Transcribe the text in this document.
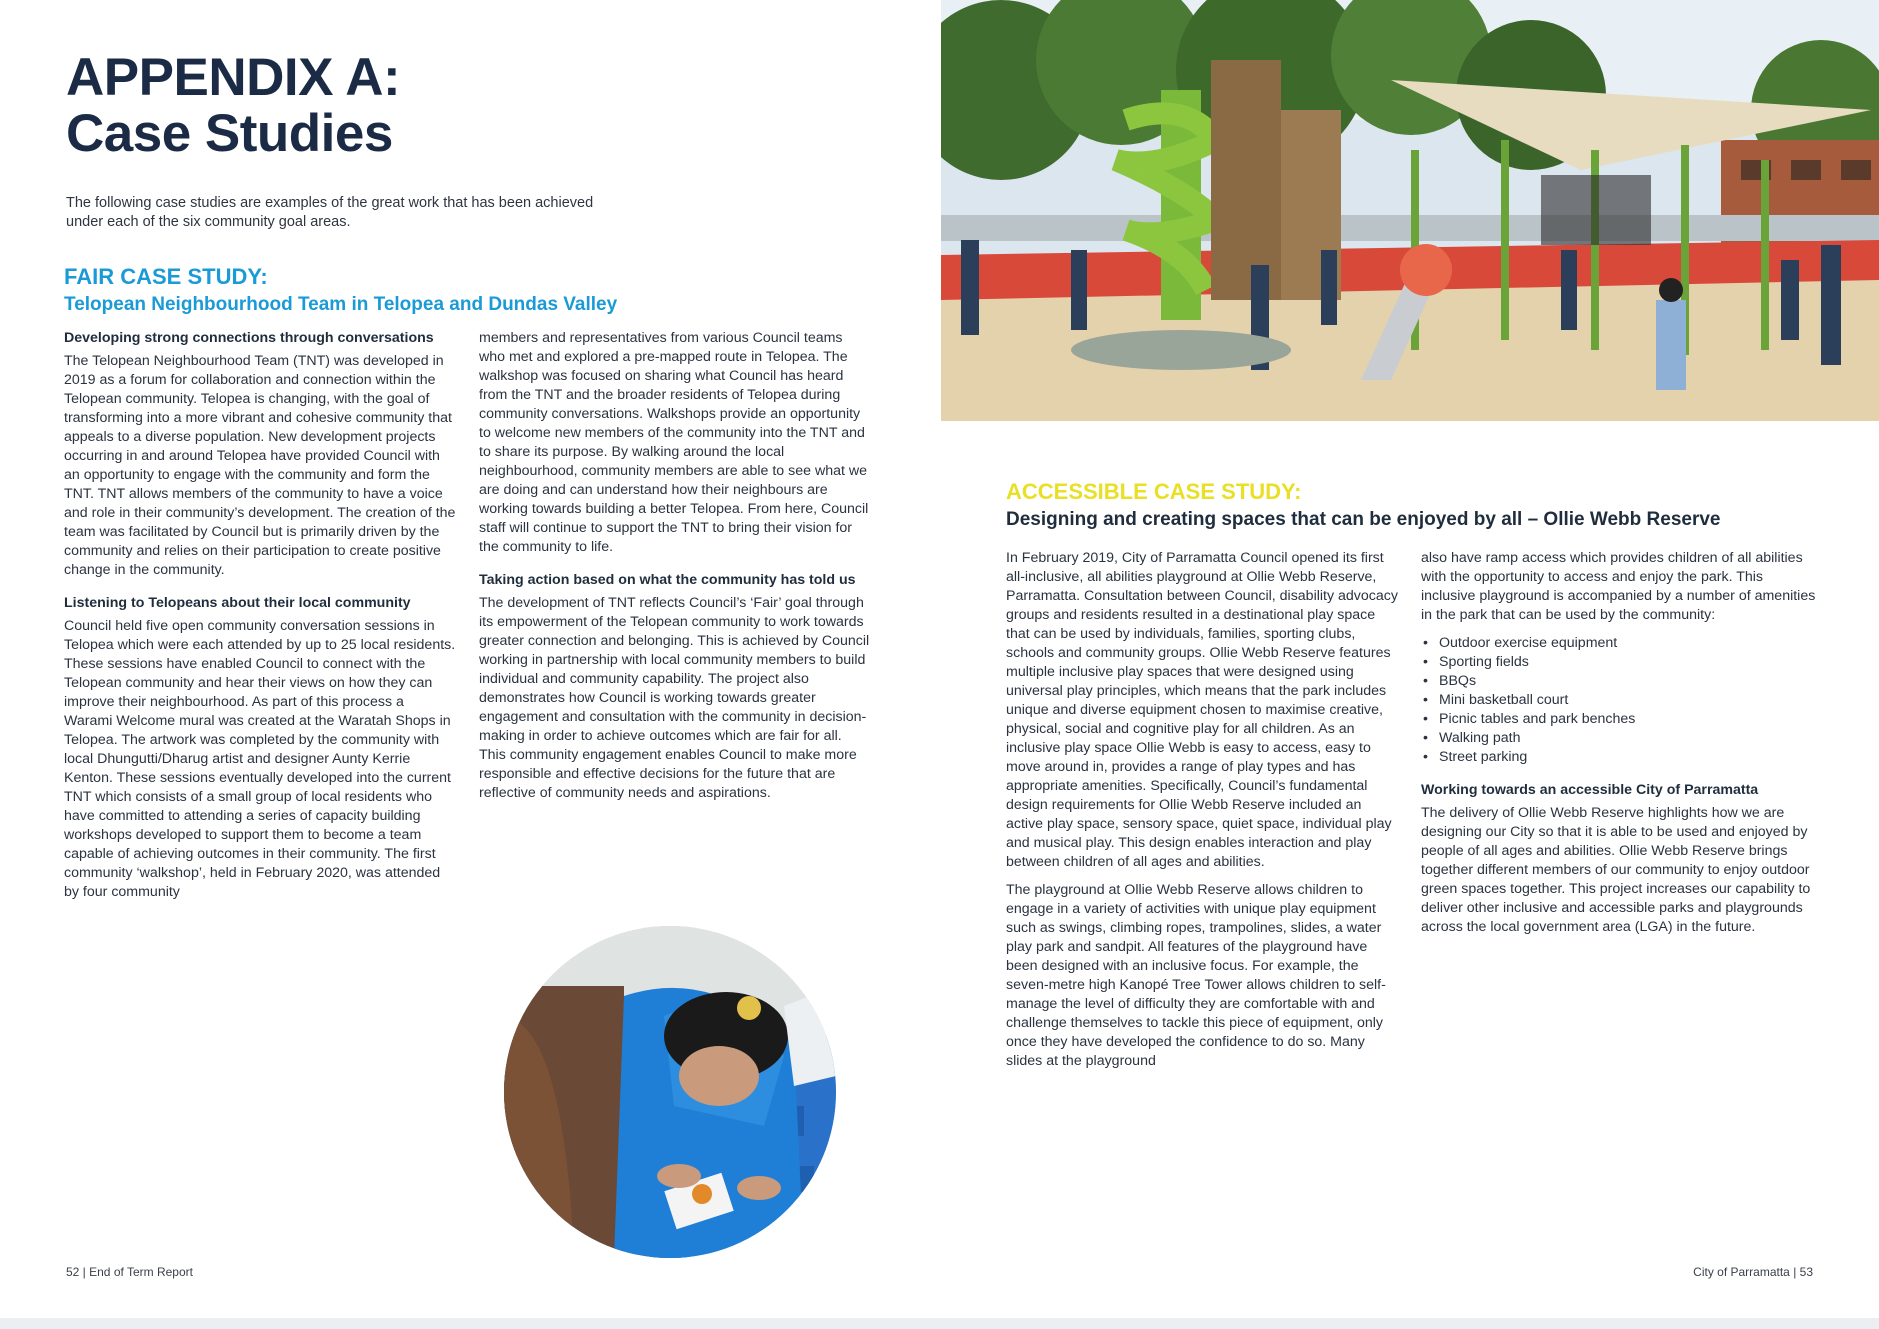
APPENDIX A:
Case Studies

The following case studies are examples of the great work that has been achieved under each of the six community goal areas.

FAIR CASE STUDY:
Telopean Neighbourhood Team in Telopea and Dundas Valley
Developing strong connections through conversations

The Telopean Neighbourhood Team (TNT) was developed in 2019 as a forum for collaboration and connection within the Telopean community. Telopea is changing, with the goal of transforming into a more vibrant and cohesive community that appeals to a diverse population. New development projects occurring in and around Telopea have provided Council with an opportunity to engage with the community and form the TNT. TNT allows members of the community to have a voice and role in their community’s development. The creation of the team was facilitated by Council but is primarily driven by the community and relies on their participation to create positive change in the community.

Listening to Telopeans about their local community

Council held five open community conversation sessions in Telopea which were each attended by up to 25 local residents. These sessions have enabled Council to connect with the Telopean community and hear their views on how they can improve their neighbourhood. As part of this process a Warami Welcome mural was created at the Waratah Shops in Telopea. The artwork was completed by the community with local Dhungutti/Dharug artist and designer Aunty Kerrie Kenton. These sessions eventually developed into the current TNT which consists of a small group of local residents who have committed to attending a series of capacity building workshops developed to support them to become a team capable of achieving outcomes in their community. The first community ‘walkshop’, held in February 2020, was attended by four community

members and representatives from various Council teams who met and explored a pre-mapped route in Telopea. The walkshop was focused on sharing what Council has heard from the TNT and the broader residents of Telopea during community conversations. Walkshops provide an opportunity to welcome new members of the community into the TNT and to share its purpose. By walking around the local neighbourhood, community members are able to see what we are doing and can understand how their neighbours are working towards building a better Telopea. From here, Council staff will continue to support the TNT to bring their vision for the community to life.

Taking action based on what the community has told us

The development of TNT reflects Council’s ‘Fair’ goal through its empowerment of the Telopean community to work towards greater connection and belonging. This is achieved by Council working in partnership with local community members to build individual and community capability. The project also demonstrates how Council is working towards greater engagement and consultation with the community in decision-making in order to achieve outcomes which are fair for all. This community engagement enables Council to make more responsible and effective decisions for the future that are reflective of community needs and aspirations.

52 | End of Term Report
ACCESSIBLE CASE STUDY:
Designing and creating spaces that can be enjoyed by all – Ollie Webb Reserve

In February 2019, City of Parramatta Council opened its first all-inclusive, all abilities playground at Ollie Webb Reserve, Parramatta. Consultation between Council, disability advocacy groups and residents resulted in a destinational play space that can be used by individuals, families, sporting clubs, schools and community groups. Ollie Webb Reserve features multiple inclusive play spaces that were designed using universal play principles, which means that the park includes unique and diverse equipment chosen to maximise creative, physical, social and cognitive play for all children. As an inclusive play space Ollie Webb is easy to access, easy to move around in, provides a range of play types and has appropriate amenities. Specifically, Council’s fundamental design requirements for Ollie Webb Reserve included an active play space, sensory space, quiet space, individual play and musical play. This design enables interaction and play between children of all ages and abilities.

The playground at Ollie Webb Reserve allows children to engage in a variety of activities with unique play equipment such as swings, climbing ropes, trampolines, slides, a water play park and sandpit. All features of the playground have been designed with an inclusive focus. For example, the seven-metre high Kanopé Tree Tower allows children to self-manage the level of difficulty they are comfortable with and challenge themselves to tackle this piece of equipment, only once they have developed the confidence to do so. Many slides at the playground

also have ramp access which provides children of all abilities with the opportunity to access and enjoy the park. This inclusive playground is accompanied by a number of amenities in the park that can be used by the community:

• Outdoor exercise equipment
• Sporting fields
• BBQs
• Mini basketball court
• Picnic tables and park benches
• Walking path
• Street parking
Working towards an accessible City of Parramatta

The delivery of Ollie Webb Reserve highlights how we are designing our City so that it is able to be used and enjoyed by people of all ages and abilities. Ollie Webb Reserve brings together different members of our community to enjoy outdoor green spaces together. This project increases our capability to deliver other inclusive and accessible parks and playgrounds across the local government area (LGA) in the future.

City of Parramatta | 53
